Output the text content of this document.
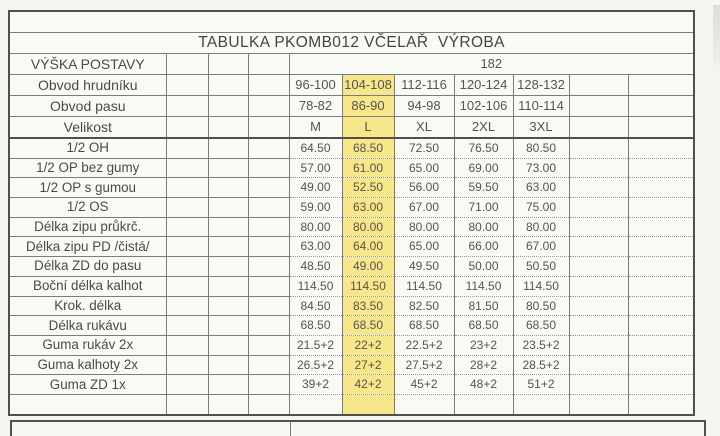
TABULKA PKOMB012 VČELAŘ  VÝROBA										
VÝŠKA POSTAVY				182						
Obvod hrudníku				96-100	104-108	112-116	120-124	128-132		
Obvod pasu				78-82	86-90	94-98	102-106	110-114		
Velikost				M	L	XL	2XL	3XL		
1/2 OH				64.50	68.50	72.50	76.50	80.50		
1/2 OP bez gumy				57.00	61.00	65.00	69.00	73.00		
1/2 OP s gumou				49.00	52.50	56.00	59.50	63.00		
1/2 OS				59.00	63.00	67.00	71.00	75.00		
Délka zipu průkrč.				80.00	80.00	80.00	80.00	80.00		
Délka zipu PD /čistá/				63.00	64.00	65.00	66.00	67.00		
Délka ZD do pasu				48.50	49.00	49.50	50.00	50.50		
Boční délka kalhot				114.50	114.50	114.50	114.50	114.50		
Krok. délka				84.50	83.50	82.50	81.50	80.50		
Délka rukávu				68.50	68.50	68.50	68.50	68.50		
Guma rukáv 2x				21.5+2	22+2	22.5+2	23+2	23.5+2		
Guma kalhoty 2x				26.5+2	27+2	27.5+2	28+2	28.5+2		
Guma ZD 1x				39+2	42+2	45+2	48+2	51+2		
